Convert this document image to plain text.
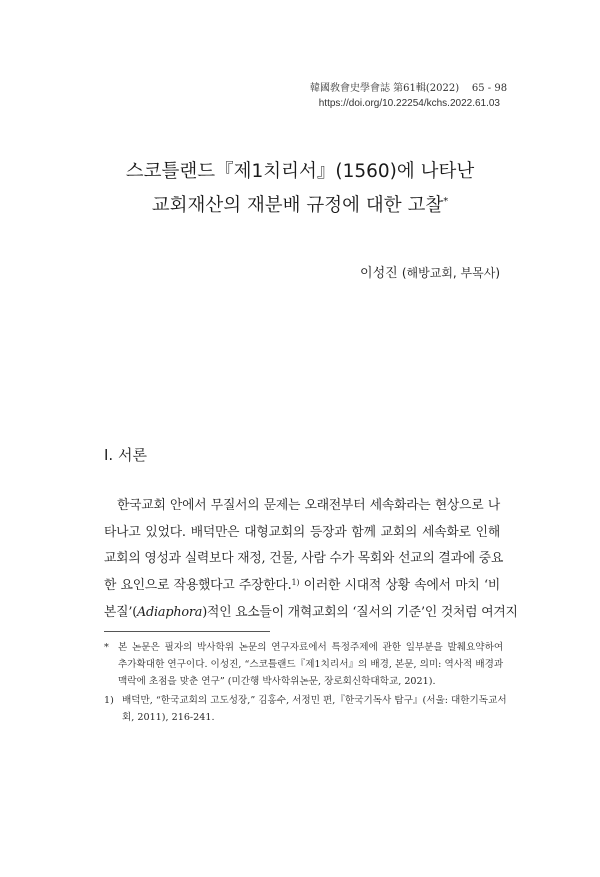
韓國敎會史學會誌 第61輯(2022) 65 - 98
https://doi.org/10.22254/kchs.2022.61.03
스코틀랜드『제1치리서』(1560)에 나타난
교회재산의 재분배 규정에 대한 고찰*
이성진 (해방교회, 부목사)
I. 서론
한국교회 안에서 무질서의 문제는 오래전부터 세속화라는 현상으로 나
타나고 있었다. 배덕만은 대형교회의 등장과 함께 교회의 세속화로 인해
교회의 영성과 실력보다 재정, 건물, 사람 수가 목회와 선교의 결과에 중요
한 요인으로 작용했다고 주장한다.$^{1)}$ 이러한 시대적 상황 속에서 마치 ‘비
본질’(Adiaphora)적인 요소들이 개혁교회의 ‘질서의 기준’인 것처럼 여겨지
* 본 논문은 필자의 박사학위 논문의 연구자료에서 특정주제에 관한 일부분을 발췌요약하여
추가확대한 연구이다. 이성진, “스코틀랜드『제1치리서』의 배경, 본문, 의미: 역사적 배경과
맥락에 초점을 맞춘 연구” (미간행 박사학위논문, 장로회신학대학교, 2021).
1) 배덕만, “한국교회의 고도성장,” 김홍수, 서정민 편,『한국기독사 탐구』(서울: 대한기독교서
회, 2011), 216-241.
